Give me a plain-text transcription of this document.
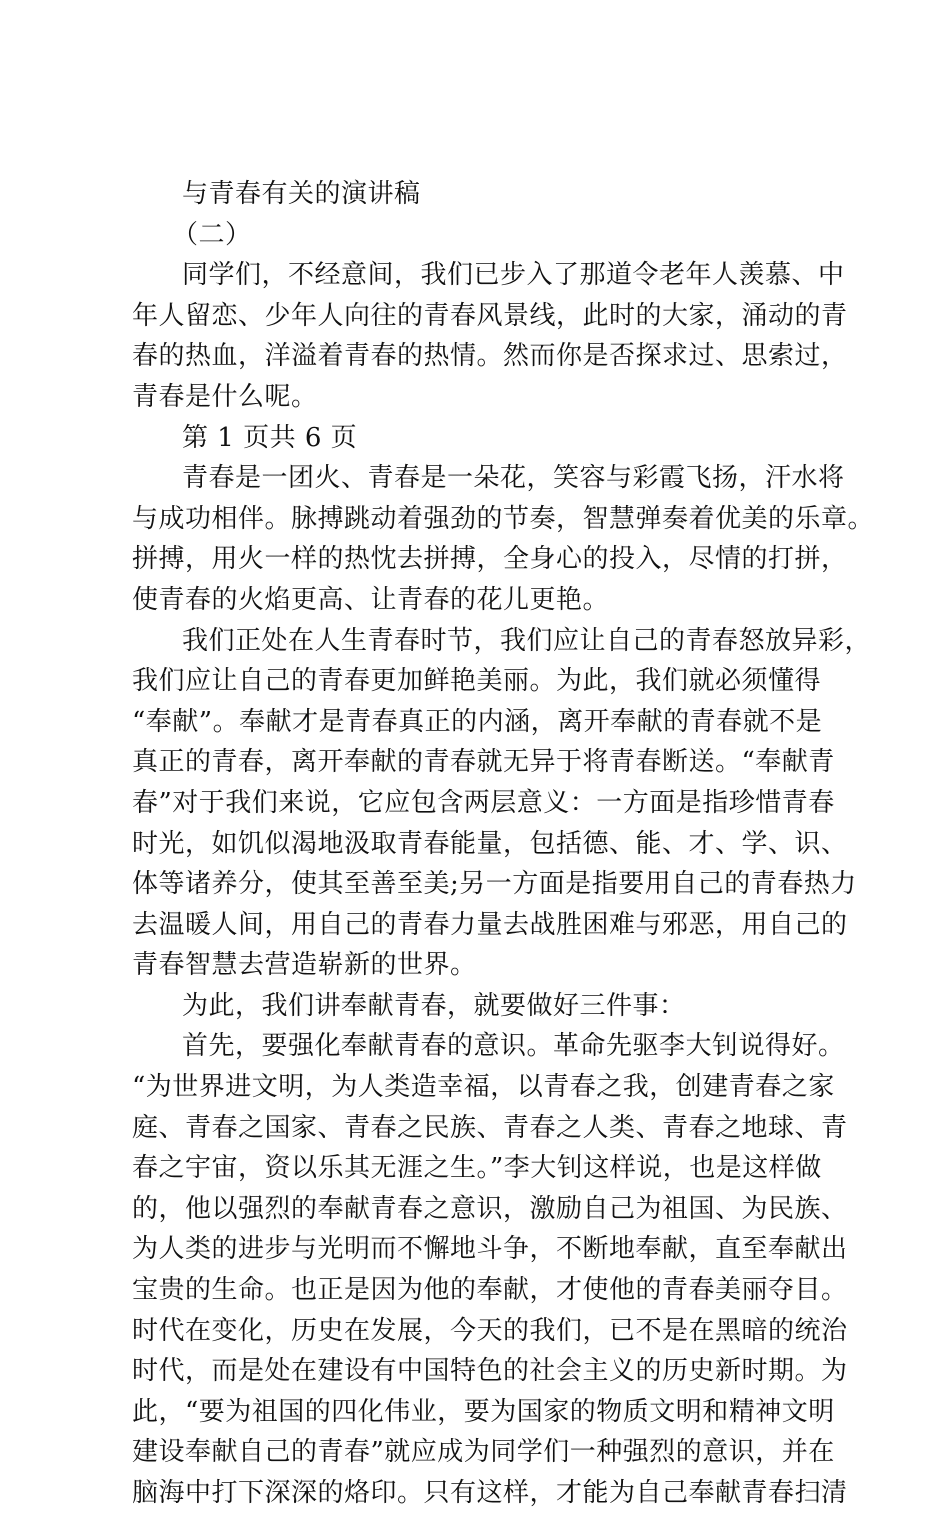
与青春有关的演讲稿
（二）
同学们，不经意间，我们已步入了那道令老年人羡慕、中
年人留恋、少年人向往的青春风景线，此时的大家，涌动的青
春的热血，洋溢着青春的热情。然而你是否探求过、思索过，
青春是什么呢。
第 1 页共 6 页
青春是一团火、青春是一朵花，笑容与彩霞飞扬，汗水将
与成功相伴。脉搏跳动着强劲的节奏，智慧弹奏着优美的乐章。
拼搏，用火一样的热忱去拼搏，全身心的投入，尽情的打拼，
使青春的火焰更高、让青春的花儿更艳。
我们正处在人生青春时节，我们应让自己的青春怒放异彩，
我们应让自己的青春更加鲜艳美丽。为此，我们就必须懂得
“奉献”。奉献才是青春真正的内涵，离开奉献的青春就不是
真正的青春，离开奉献的青春就无异于将青春断送。“奉献青
春”对于我们来说，它应包含两层意义：一方面是指珍惜青春
时光，如饥似渴地汲取青春能量，包括德、能、才、学、识、
体等诸养分，使其至善至美;另一方面是指要用自己的青春热力
去温暖人间，用自己的青春力量去战胜困难与邪恶，用自己的
青春智慧去营造崭新的世界。
为此，我们讲奉献青春，就要做好三件事：
首先，要强化奉献青春的意识。革命先驱李大钊说得好。
“为世界进文明，为人类造幸福，以青春之我，创建青春之家
庭、青春之国家、青春之民族、青春之人类、青春之地球、青
春之宇宙，资以乐其无涯之生。”李大钊这样说，也是这样做
的，他以强烈的奉献青春之意识，激励自己为祖国、为民族、
为人类的进步与光明而不懈地斗争，不断地奉献，直至奉献出
宝贵的生命。也正是因为他的奉献，才使他的青春美丽夺目。
时代在变化，历史在发展，今天的我们，已不是在黑暗的统治
时代，而是处在建设有中国特色的社会主义的历史新时期。为
此，“要为祖国的四化伟业，要为国家的物质文明和精神文明
建设奉献自己的青春”就应成为同学们一种强烈的意识，并在
脑海中打下深深的烙印。只有这样，才能为自己奉献青春扫清
